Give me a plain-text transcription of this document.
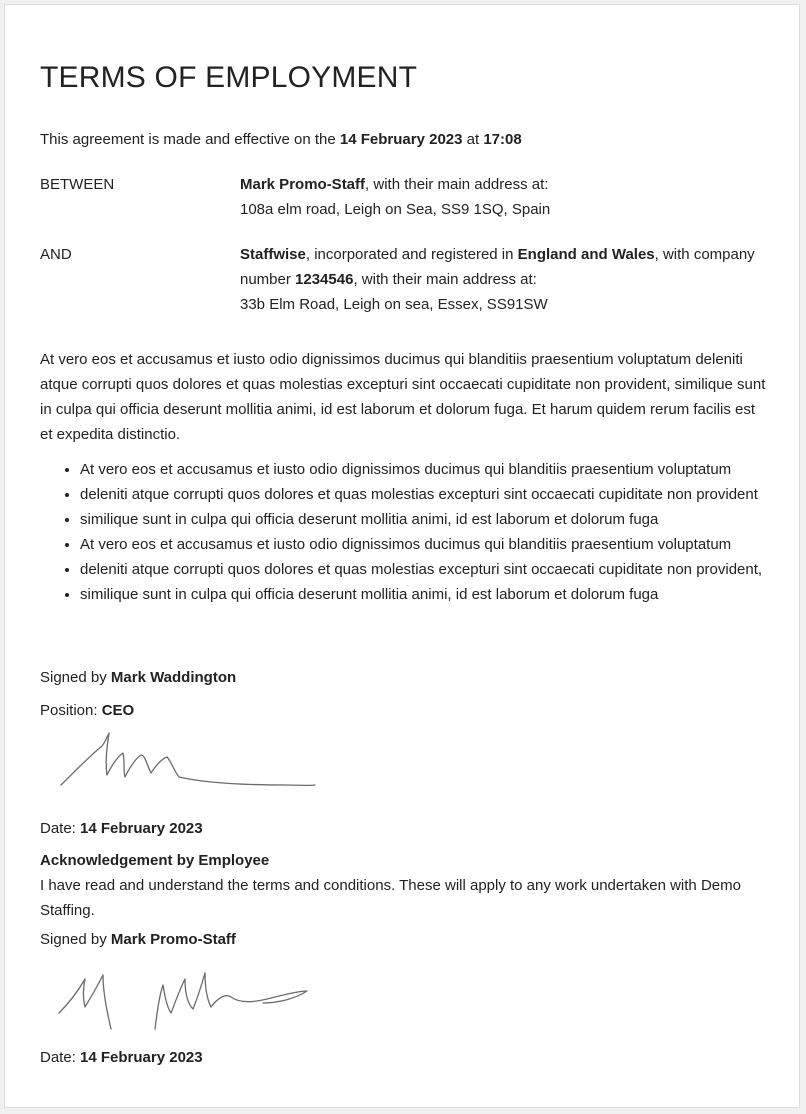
TERMS OF EMPLOYMENT
This agreement is made and effective on the 14 February 2023 at 17:08
BETWEEN	Mark Promo-Staff, with their main address at:
108a elm road, Leigh on Sea, SS9 1SQ, Spain
AND	Staffwise, incorporated and registered in England and Wales, with company number 1234546, with their main address at:
33b Elm Road, Leigh on sea, Essex, SS91SW

At vero eos et accusamus et iusto odio dignissimos ducimus qui blanditiis praesentium voluptatum deleniti atque corrupti quos dolores et quas molestias excepturi sint occaecati cupiditate non provident, similique sunt in culpa qui officia deserunt mollitia animi, id est laborum et dolorum fuga. Et harum quidem rerum facilis est et expedita distinctio.

• At vero eos et accusamus et iusto odio dignissimos ducimus qui blanditiis praesentium voluptatum
• deleniti atque corrupti quos dolores et quas molestias excepturi sint occaecati cupiditate non provident
• similique sunt in culpa qui officia deserunt mollitia animi, id est laborum et dolorum fuga
• At vero eos et accusamus et iusto odio dignissimos ducimus qui blanditiis praesentium voluptatum
• deleniti atque corrupti quos dolores et quas molestias excepturi sint occaecati cupiditate non provident,
• similique sunt in culpa qui officia deserunt mollitia animi, id est laborum et dolorum fuga
Signed by Mark Waddington
Position: CEO
Date: 14 February 2023
Acknowledgement by Employee
I have read and understand the terms and conditions. These will apply to any work undertaken with Demo Staffing.
Signed by Mark Promo-Staff
Date: 14 February 2023
